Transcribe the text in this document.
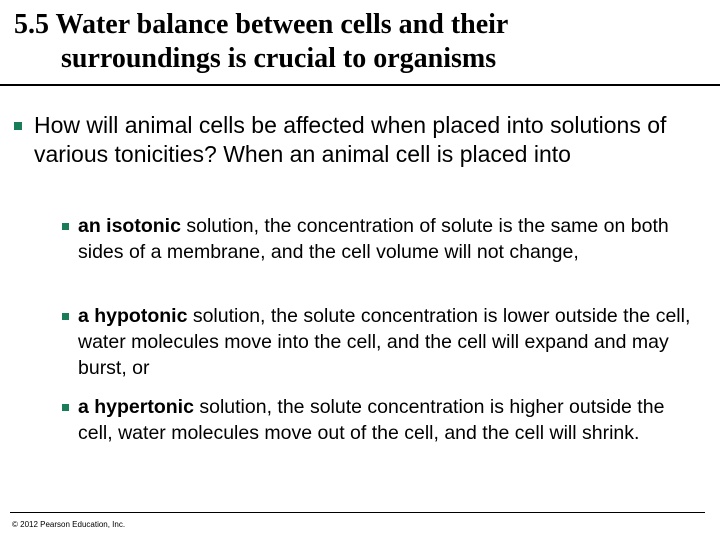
5.5 Water balance between cells and their
surroundings is crucial to organisms
How will animal cells be affected when placed into solutions of various tonicities? When an animal cell is placed into
an isotonic solution, the concentration of solute is the same on both sides of a membrane, and the cell volume will not change,
a hypotonic solution, the solute concentration is lower outside the cell, water molecules move into the cell, and the cell will expand and may burst, or
a hypertonic solution, the solute concentration is higher outside the cell, water molecules move out of the cell, and the cell will shrink.
© 2012 Pearson Education, Inc.
